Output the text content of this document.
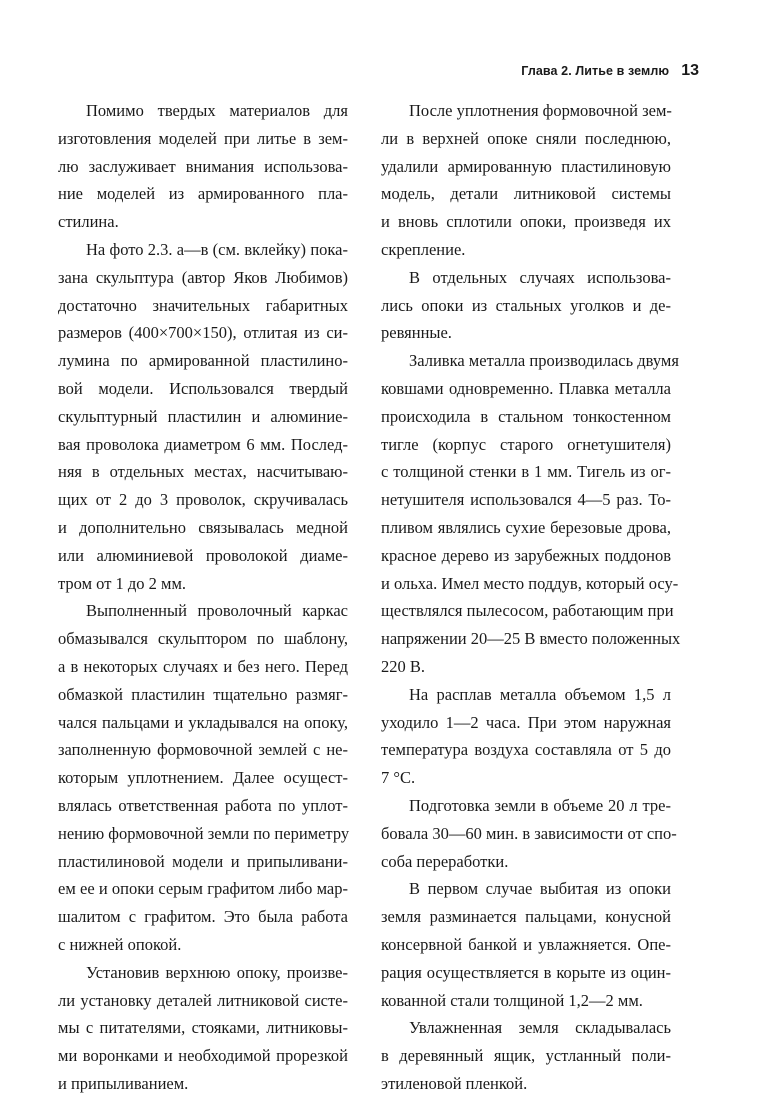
Глава 2. Литье в землю 13

Помимо твердых материалов для
изготовления моделей при литье в зем-
лю заслуживает внимания использова-
ние моделей из армированного пла-
стилина.

На фото 2.3. а—в (см. вклейку) пока-
зана скульптура (автор Яков Любимов)
достаточно значительных габаритных
размеров (400×700×150), отлитая из си-
лумина по армированной пластилино-
вой модели. Использовался твердый
скульптурный пластилин и алюминие-
вая проволока диаметром 6 мм. Послед-
няя в отдельных местах, насчитываю-
щих от 2 до 3 проволок, скручивалась
и дополнительно связывалась медной
или алюминиевой проволокой диаме-
тром от 1 до 2 мм.

Выполненный проволочный каркас
обмазывался скульптором по шаблону,
а в некоторых случаях и без него. Перед
обмазкой пластилин тщательно размяг-
чался пальцами и укладывался на опоку,
заполненную формовочной землей с не-
которым уплотнением. Далее осущест-
влялась ответственная работа по уплот-
нению формовочной земли по периметру
пластилиновой модели и припыливани-
ем ее и опоки серым графитом либо мар-
шалитом с графитом. Это была работа
с нижней опокой.

Установив верхнюю опоку, произве-
ли установку деталей литниковой систе-
мы с питателями, стояками, литниковы-
ми воронками и необходимой прорезкой
и припыливанием.

После уплотнения формовочной зем-
ли в верхней опоке сняли последнюю,
удалили армированную пластилиновую
модель, детали литниковой системы
и вновь сплотили опоки, произведя их
скрепление.

В отдельных случаях использова-
лись опоки из стальных уголков и де-
ревянные.

Заливка металла производилась двумя
ковшами одновременно. Плавка металла
происходила в стальном тонкостенном
тигле (корпус старого огнетушителя)
с толщиной стенки в 1 мм. Тигель из ог-
нетушителя использовался 4—5 раз. То-
пливом являлись сухие березовые дрова,
красное дерево из зарубежных поддонов
и ольха. Имел место поддув, который осу-
ществлялся пылесосом, работающим при
напряжении 20—25 В вместо положенных
220 В.

На расплав металла объемом 1,5 л
уходило 1—2 часа. При этом наружная
температура воздуха составляла от 5 до
7 °С.

Подготовка земли в объеме 20 л тре-
бовала 30—60 мин. в зависимости от спо-
соба переработки.

В первом случае выбитая из опоки
земля разминается пальцами, конусной
консервной банкой и увлажняется. Опе-
рация осуществляется в корыте из оцин-
кованной стали толщиной 1,2—2 мм.

Увлажненная земля складывалась
в деревянный ящик, устланный поли-
этиленовой пленкой.
